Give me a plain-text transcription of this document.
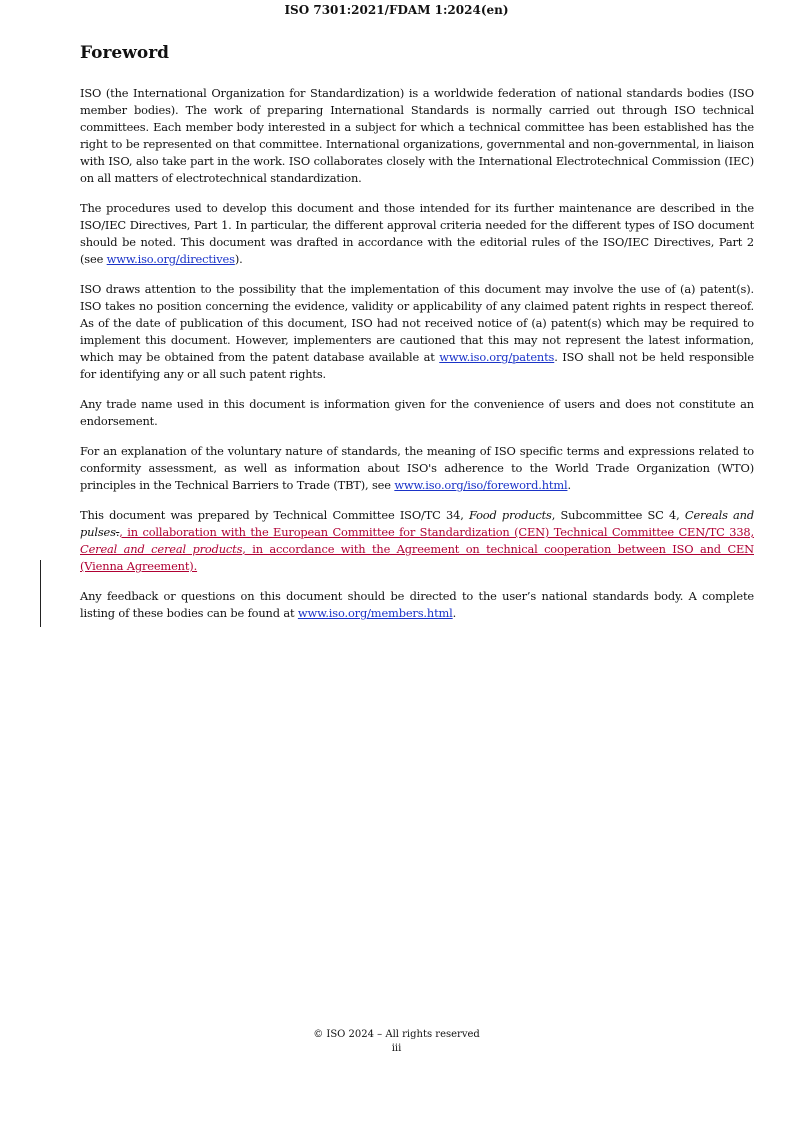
ISO 7301:2021/FDAM 1:2024(en)
Foreword

ISO (the International Organization for Standardization) is a worldwide federation of national standards bodies (ISO member bodies). The work of preparing International Standards is normally carried out through ISO technical committees. Each member body interested in a subject for which a technical committee has been established has the right to be represented on that committee. International organizations, governmental and non-governmental, in liaison with ISO, also take part in the work. ISO collaborates closely with the International Electrotechnical Commission (IEC) on all matters of electrotechnical standardization.

The procedures used to develop this document and those intended for its further maintenance are described in the ISO/IEC Directives, Part 1. In particular, the different approval criteria needed for the different types of ISO document should be noted. This document was drafted in accordance with the editorial rules of the ISO/IEC Directives, Part 2 (see www.iso.org/directives).

ISO draws attention to the possibility that the implementation of this document may involve the use of (a) patent(s). ISO takes no position concerning the evidence, validity or applicability of any claimed patent rights in respect thereof. As of the date of publication of this document, ISO had not received notice of (a) patent(s) which may be required to implement this document. However, implementers are cautioned that this may not represent the latest information, which may be obtained from the patent database available at www.iso.org/patents. ISO shall not be held responsible for identifying any or all such patent rights.

Any trade name used in this document is information given for the convenience of users and does not constitute an endorsement.

For an explanation of the voluntary nature of standards, the meaning of ISO specific terms and expressions related to conformity assessment, as well as information about ISO's adherence to the World Trade Organization (WTO) principles in the Technical Barriers to Trade (TBT), see www.iso.org/iso/foreword.html.

This document was prepared by Technical Committee ISO/TC 34, Food products, Subcommittee SC 4, Cereals and pulses., in collaboration with the European Committee for Standardization (CEN) Technical Committee CEN/TC 338, Cereal and cereal products, in accordance with the Agreement on technical cooperation between ISO and CEN (Vienna Agreement).

Any feedback or questions on this document should be directed to the user’s national standards body. A complete listing of these bodies can be found at www.iso.org/members.html.

© ISO 2024 – All rights reserved
iii
